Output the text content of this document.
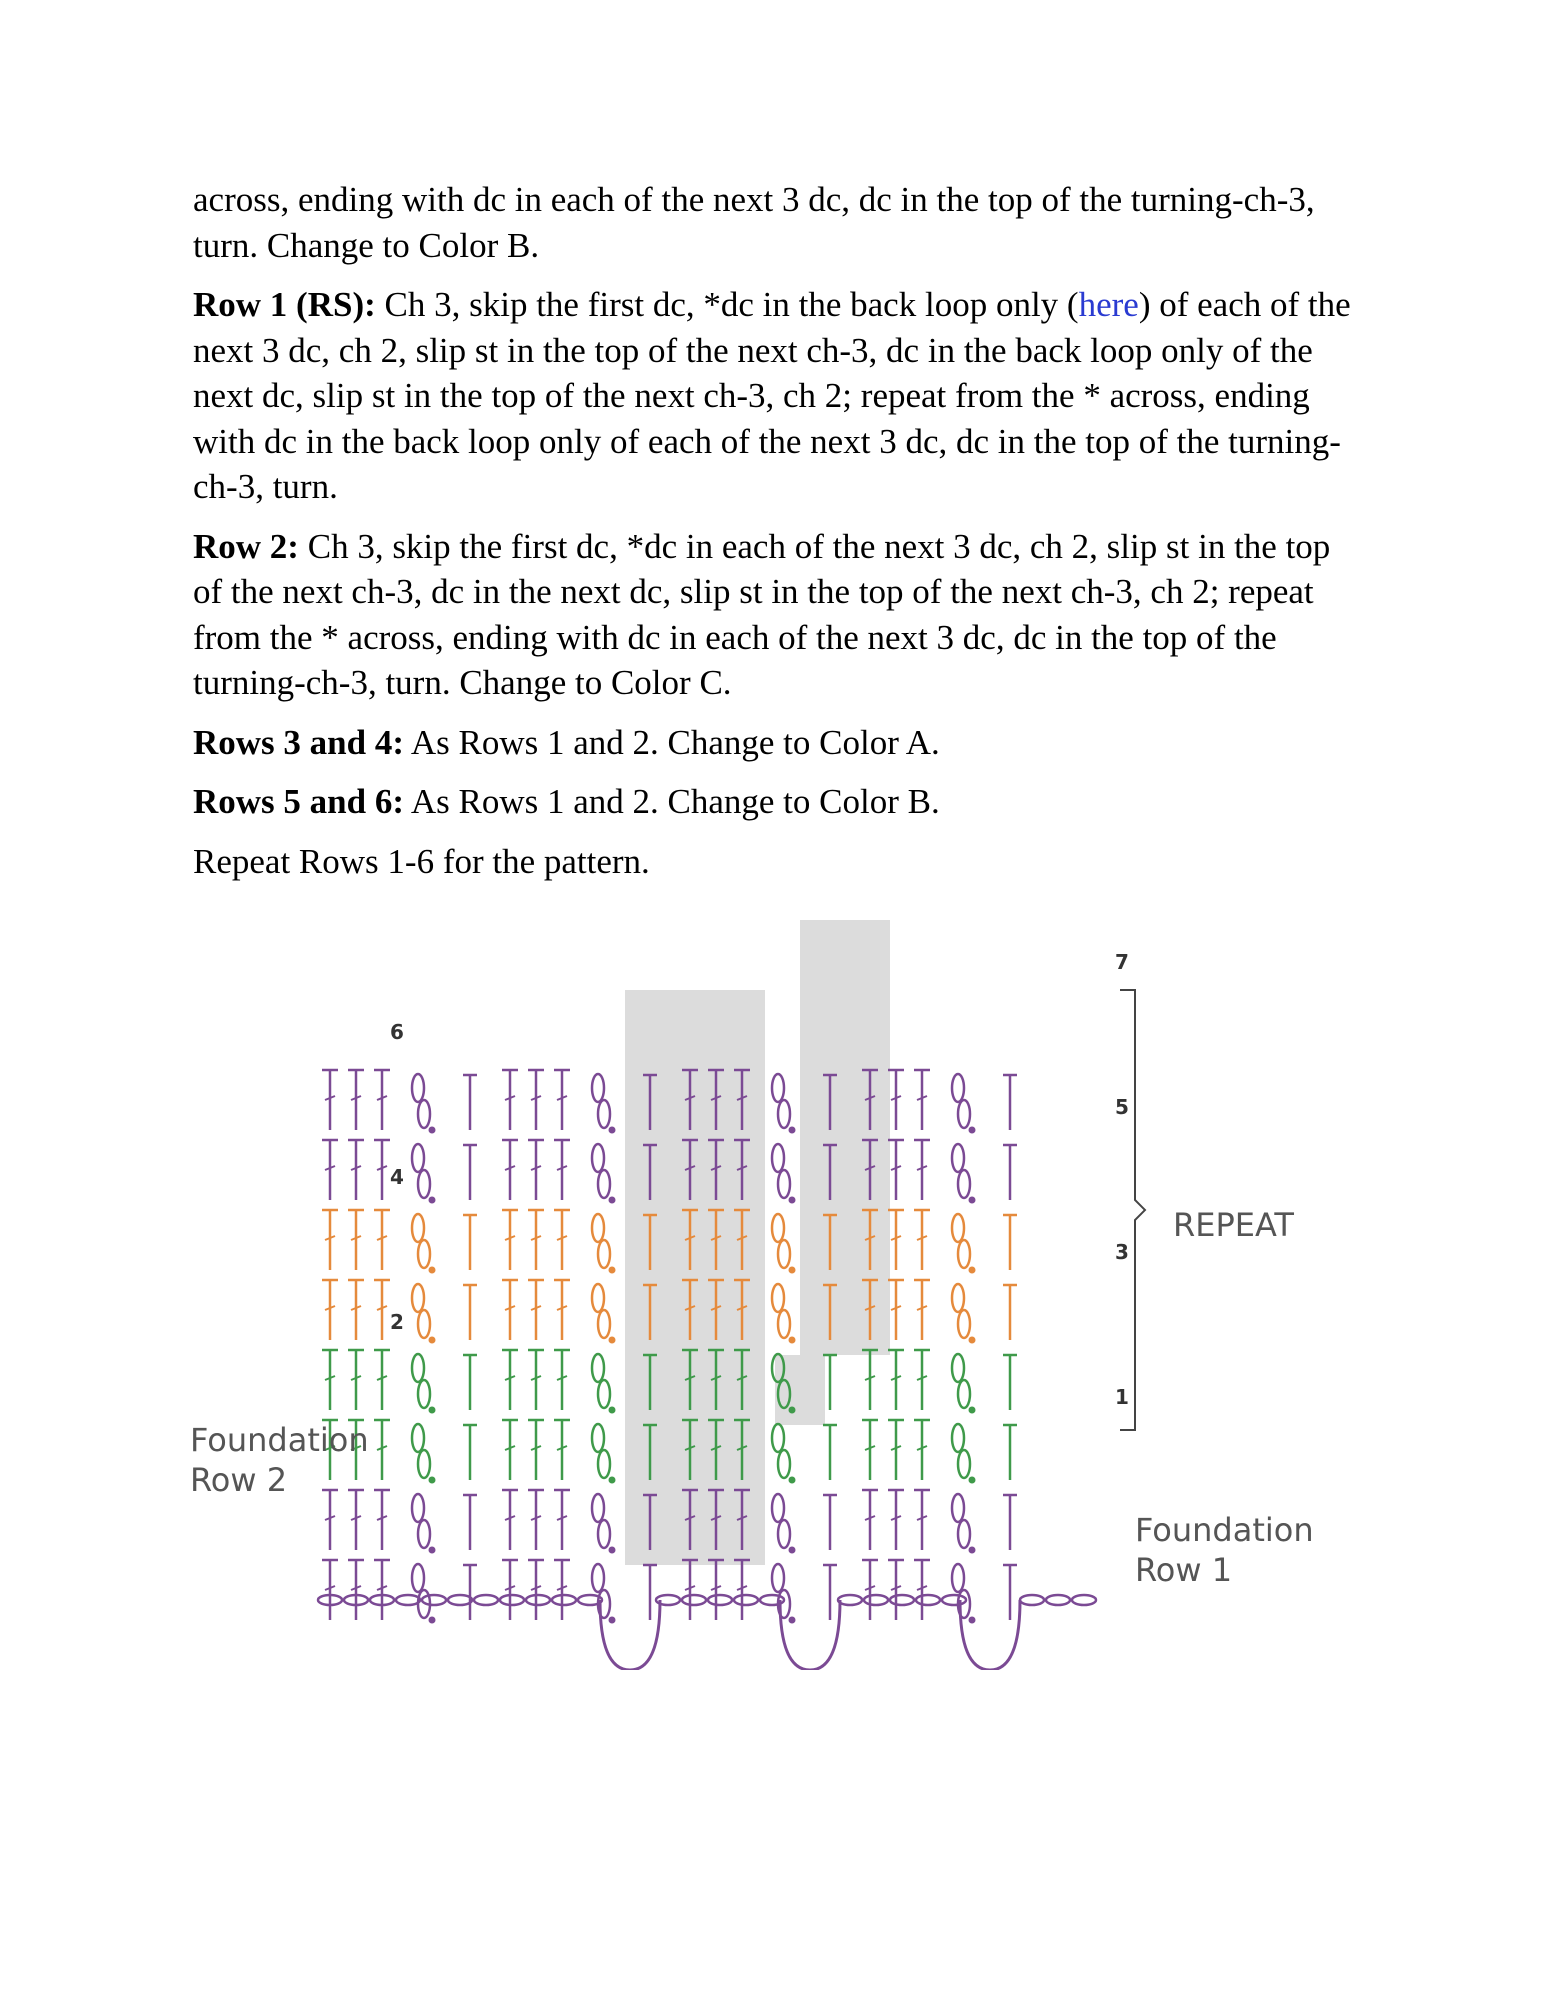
across, ending with dc in each of the next 3 dc, dc in the top of the turning-ch-3, turn. Change to Color B.

Row 1 (RS): Ch 3, skip the first dc, *dc in the back loop only (here) of each of the next 3 dc, ch 2, slip st in the top of the next ch-3, dc in the back loop only of the next dc, slip st in the top of the next ch-3, ch 2; repeat from the * across, ending with dc in the back loop only of each of the next 3 dc, dc in the top of the turning-ch-3, turn.

Row 2: Ch 3, skip the first dc, *dc in each of the next 3 dc, ch 2, slip st in the top of the next ch-3, dc in the next dc, slip st in the top of the next ch-3, ch 2; repeat from the * across, ending with dc in each of the next 3 dc, dc in the top of the turning-ch-3, turn. Change to Color C.

Rows 3 and 4: As Rows 1 and 2. Change to Color A.

Rows 5 and 6: As Rows 1 and 2. Change to Color B.

Repeat Rows 1-6 for the pattern.

Foundation
Row 2
Foundation
Row 1
REPEAT
6
4
2
7
5
3
1
